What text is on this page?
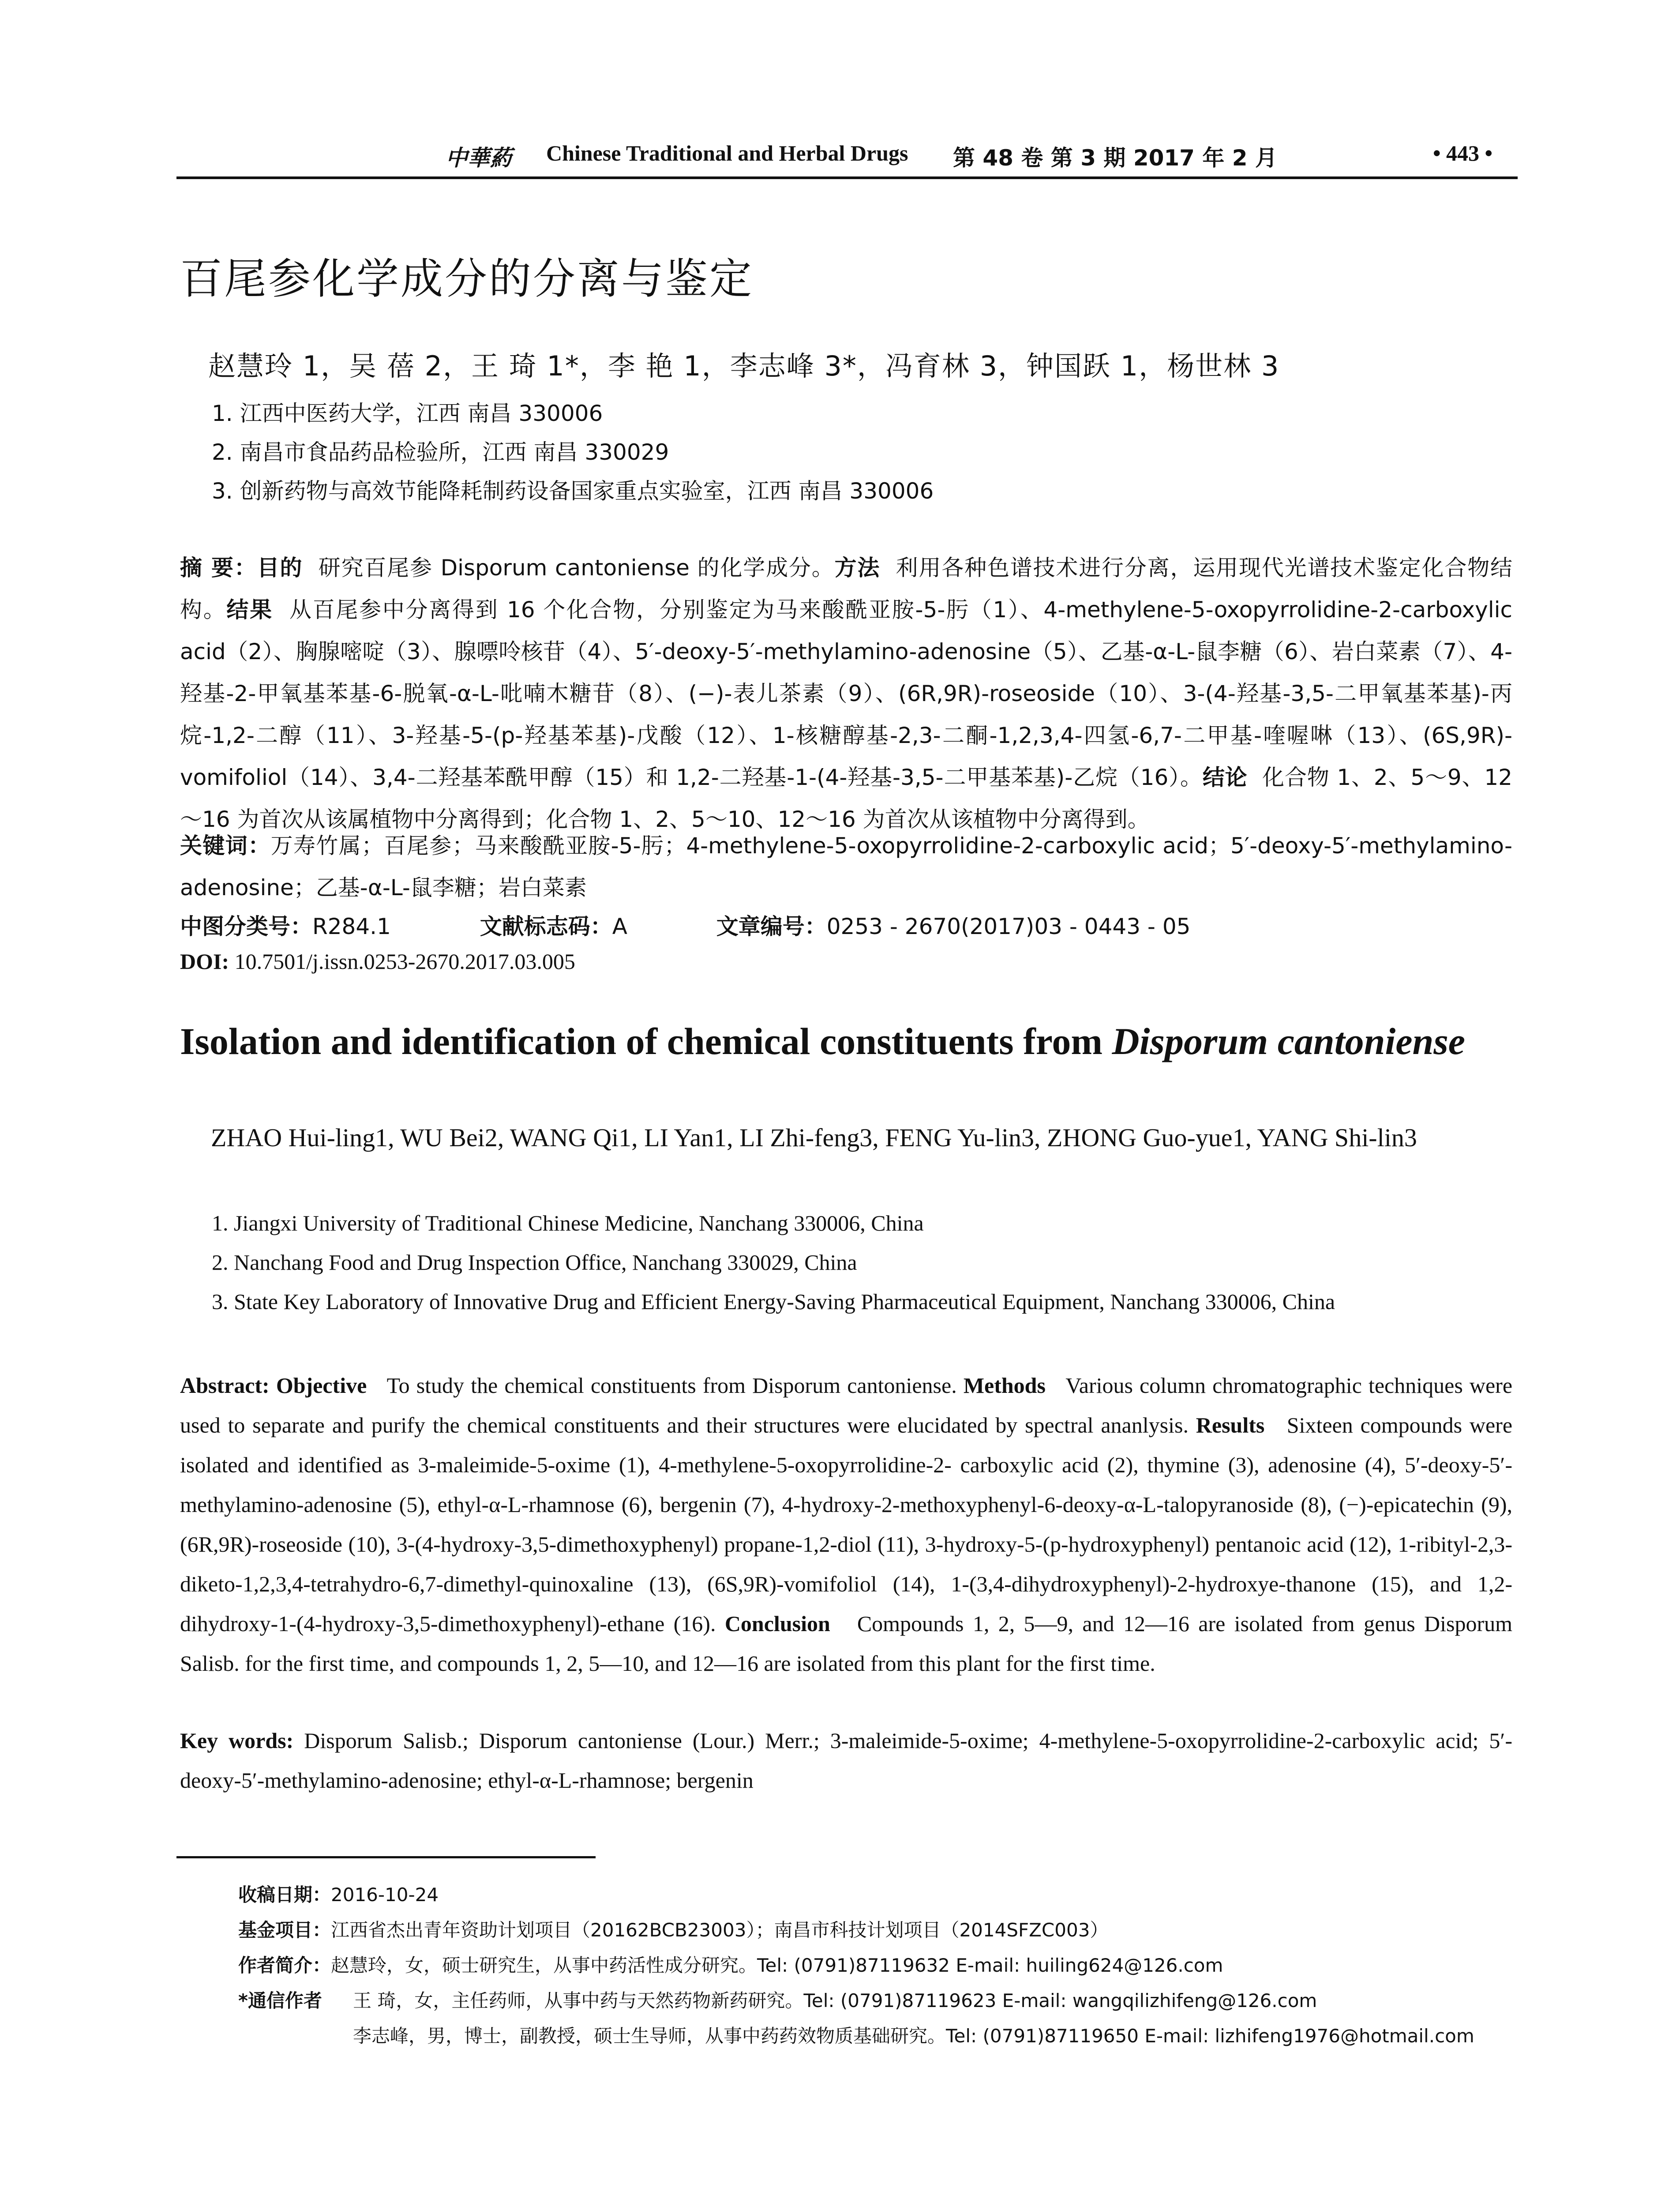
中華葯 Chinese Traditional and Herbal Drugs 第 48 卷 第 3 期 2017 年 2 月	• 443 •
百尾参化学成分的分离与鉴定
赵慧玲 1，吴 蓓 2，王 琦 1*，李 艳 1，李志峰 3*，冯育林 3，钟国跃 1，杨世林 3
1. 江西中医药大学，江西 南昌 330006
2. 南昌市食品药品检验所，江西 南昌 330029
3. 创新药物与高效节能降耗制药设备国家重点实验室，江西 南昌 330006
摘 要：目的 研究百尾参 Disporum cantoniense 的化学成分。方法 利用各种色谱技术进行分离，运用现代光谱技术鉴定化合物结构。结果 从百尾参中分离得到 16 个化合物，分别鉴定为马来酸酰亚胺-5-肟（1）、4-methylene-5-oxopyrrolidine-2-carboxylic acid（2）、胸腺嘧啶（3）、腺嘌呤核苷（4）、5′-deoxy-5′-methylamino-adenosine（5）、乙基-α-L-鼠李糖（6）、岩白菜素（7）、4-羟基-2-甲氧基苯基-6-脱氧-α-L-吡喃木糖苷（8）、(−)-表儿茶素（9）、(6R,9R)-roseoside（10）、3-(4-羟基-3,5-二甲氧基苯基)-丙烷-1,2-二醇（11）、3-羟基-5-(p-羟基苯基)-戊酸（12）、1-核糖醇基-2,3-二酮-1,2,3,4-四氢-6,7-二甲基-喹喔啉（13）、(6S,9R)-vomifoliol（14）、3,4-二羟基苯酰甲醇（15）和 1,2-二羟基-1-(4-羟基-3,5-二甲基苯基)-乙烷（16）。结论 化合物 1、2、5～9、12～16 为首次从该属植物中分离得到；化合物 1、2、5～10、12～16 为首次从该植物中分离得到。
关键词：万寿竹属；百尾参；马来酸酰亚胺-5-肟；4-methylene-5-oxopyrrolidine-2-carboxylic acid；5′-deoxy-5′-methylamino-adenosine；乙基-α-L-鼠李糖；岩白菜素
中图分类号：R284.1	文献标志码：A	文章编号：0253 - 2670(2017)03 - 0443 - 05
DOI: 10.7501/j.issn.0253-2670.2017.03.005
Isolation and identification of chemical constituents from Disporum cantoniense
ZHAO Hui-ling1, WU Bei2, WANG Qi1, LI Yan1, LI Zhi-feng3, FENG Yu-lin3, ZHONG Guo-yue1, YANG Shi-lin3
1. Jiangxi University of Traditional Chinese Medicine, Nanchang 330006, China
2. Nanchang Food and Drug Inspection Office, Nanchang 330029, China
3. State Key Laboratory of Innovative Drug and Efficient Energy-Saving Pharmaceutical Equipment, Nanchang 330006, China
Abstract: Objective To study the chemical constituents from Disporum cantoniense. Methods Various column chromatographic techniques were used to separate and purify the chemical constituents and their structures were elucidated by spectral ananlysis. Results Sixteen compounds were isolated and identified as 3-maleimide-5-oxime (1), 4-methylene-5-oxopyrrolidine-2- carboxylic acid (2), thymine (3), adenosine (4), 5′-deoxy-5′-methylamino-adenosine (5), ethyl-α-L-rhamnose (6), bergenin (7), 4-hydroxy-2-methoxyphenyl-6-deoxy-α-L-talopyranoside (8), (−)-epicatechin (9), (6R,9R)-roseoside (10), 3-(4-hydroxy-3,5-dimethoxyphenyl) propane-1,2-diol (11), 3-hydroxy-5-(p-hydroxyphenyl) pentanoic acid (12), 1-ribityl-2,3-diketo-1,2,3,4-tetrahydro-6,7-dimethyl-quinoxaline (13), (6S,9R)-vomifoliol (14), 1-(3,4-dihydroxyphenyl)-2-hydroxye-thanone (15), and 1,2-dihydroxy-1-(4-hydroxy-3,5-dimethoxyphenyl)-ethane (16). Conclusion Compounds 1, 2, 5—9, and 12—16 are isolated from genus Disporum Salisb. for the first time, and compounds 1, 2, 5—10, and 12—16 are isolated from this plant for the first time.
Key words: Disporum Salisb.; Disporum cantoniense (Lour.) Merr.; 3-maleimide-5-oxime; 4-methylene-5-oxopyrrolidine-2-carboxylic acid; 5′-deoxy-5′-methylamino-adenosine; ethyl-α-L-rhamnose; bergenin
收稿日期：2016-10-24
基金项目：江西省杰出青年资助计划项目（20162BCB23003）；南昌市科技计划项目（2014SFZC003）
作者简介：赵慧玲，女，硕士研究生，从事中药活性成分研究。Tel: (0791)87119632 E-mail: huiling624@126.com
*通信作者 王 琦，女，主任药师，从事中药与天然药物新药研究。Tel: (0791)87119623 E-mail: wangqilizhifeng@126.com
李志峰，男，博士，副教授，硕士生导师，从事中药药效物质基础研究。Tel: (0791)87119650 E-mail: lizhifeng1976@hotmail.com
